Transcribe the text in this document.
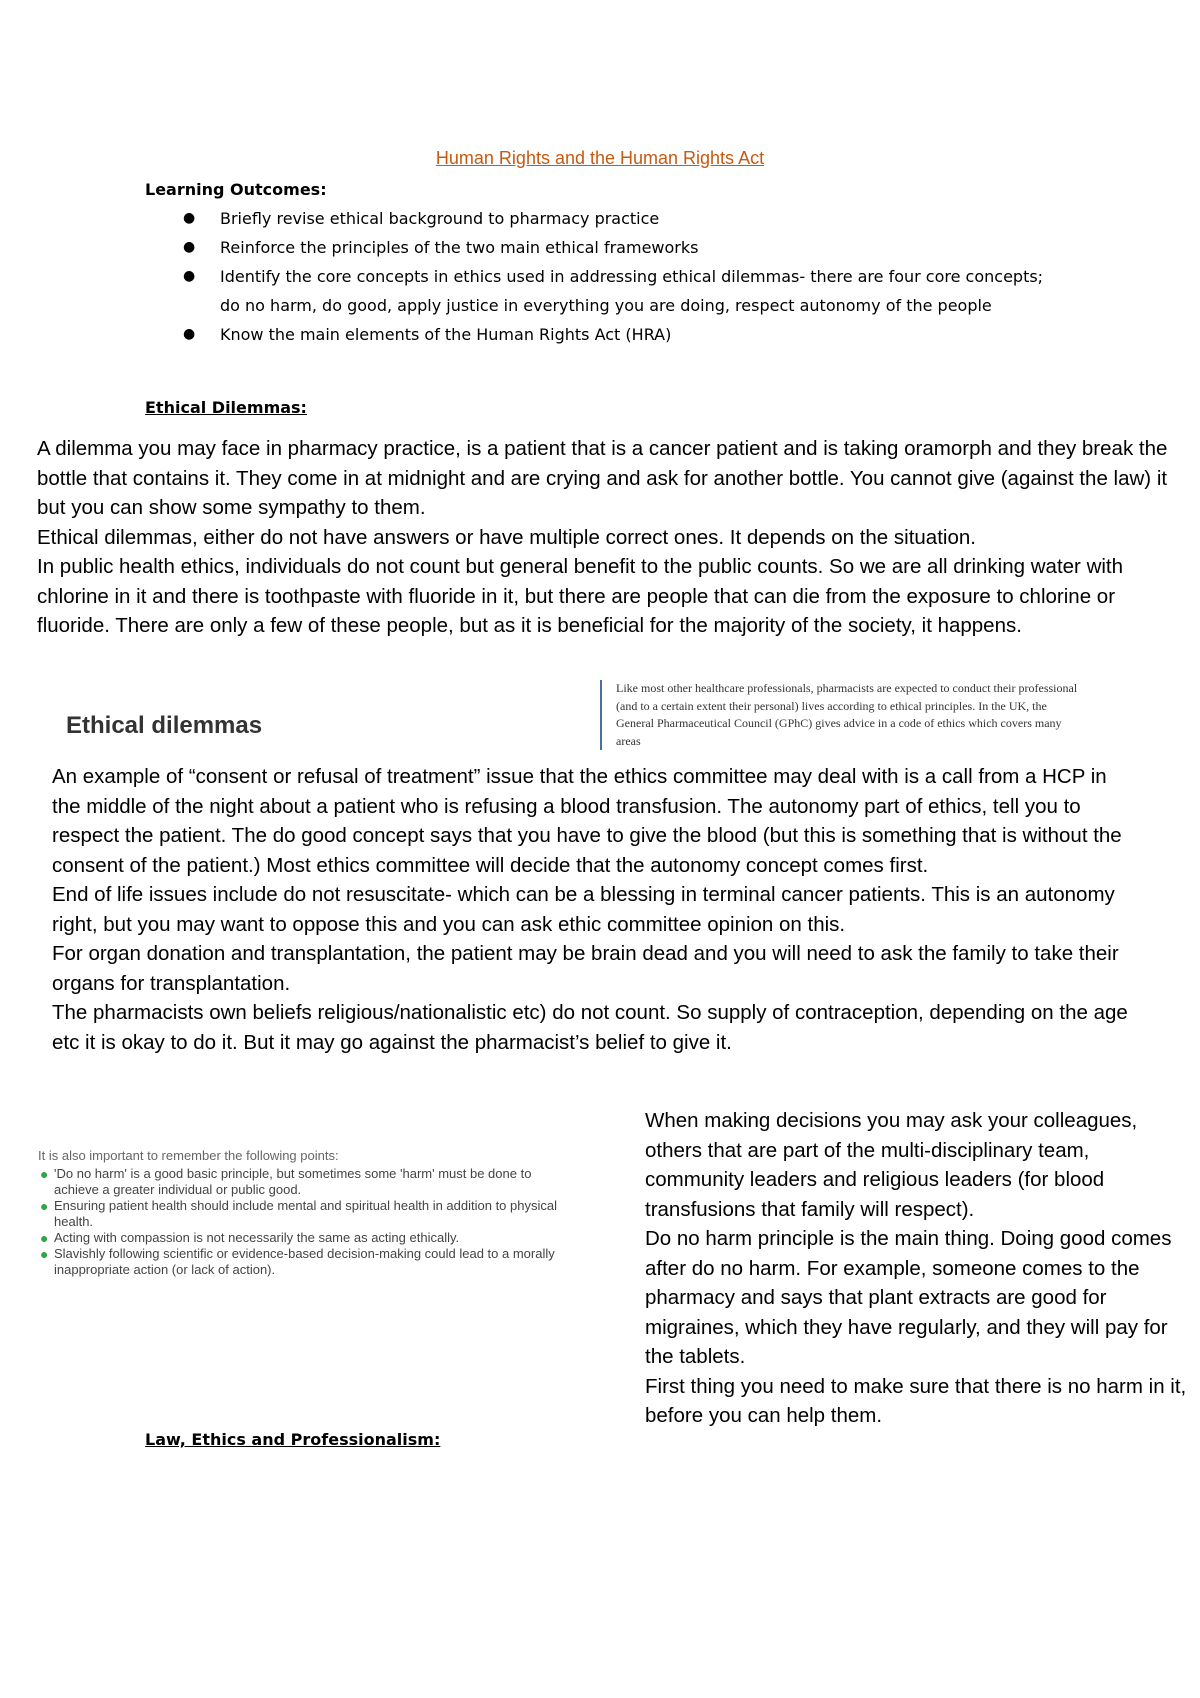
Human Rights and the Human Rights Act
Learning Outcomes:
● Briefly revise ethical background to pharmacy practice
● Reinforce the principles of the two main ethical frameworks
● Identify the core concepts in ethics used in addressing ethical dilemmas- there are four core concepts; do no harm, do good, apply justice in everything you are doing, respect autonomy of the people
● Know the main elements of the Human Rights Act (HRA)
Ethical Dilemmas:

A dilemma you may face in pharmacy practice, is a patient that is a cancer patient and is taking oramorph and they break the bottle that contains it. They come in at midnight and are crying and ask for another bottle. You cannot give (against the law) it but you can show some sympathy to them.

Ethical dilemmas, either do not have answers or have multiple correct ones. It depends on the situation.

In public health ethics, individuals do not count but general benefit to the public counts. So we are all drinking water with chlorine in it and there is toothpaste with fluoride in it, but there are people that can die from the exposure to chlorine or fluoride. There are only a few of these people, but as it is beneficial for the majority of the society, it happens.

Ethical dilemmas
Like most other healthcare professionals, pharmacists are expected to conduct their professional (and to a certain extent their personal) lives according to ethical principles. In the UK, the General Pharmaceutical Council (GPhC) gives advice in a code of ethics which covers many areas

An example of “consent or refusal of treatment” issue that the ethics committee may deal with is a call from a HCP in the middle of the night about a patient who is refusing a blood transfusion. The autonomy part of ethics, tell you to respect the patient. The do good concept says that you have to give the blood (but this is something that is without the consent of the patient.) Most ethics committee will decide that the autonomy concept comes first.

End of life issues include do not resuscitate- which can be a blessing in terminal cancer patients. This is an autonomy right, but you may want to oppose this and you can ask ethic committee opinion on this.

For organ donation and transplantation, the patient may be brain dead and you will need to ask the family to take their organs for transplantation.

The pharmacists own beliefs religious/nationalistic etc) do not count. So supply of contraception, depending on the age etc it is okay to do it. But it may go against the pharmacist’s belief to give it.

It is also important to remember the following points:
● 'Do no harm' is a good basic principle, but sometimes some 'harm' must be done to achieve a greater individual or public good.
● Ensuring patient health should include mental and spiritual health in addition to physical health.
● Acting with compassion is not necessarily the same as acting ethically.
● Slavishly following scientific or evidence-based decision-making could lead to a morally inappropriate action (or lack of action).

When making decisions you may ask your colleagues, others that are part of the multi-disciplinary team, community leaders and religious leaders (for blood transfusions that family will respect).

Do no harm principle is the main thing. Doing good comes after do no harm. For example, someone comes to the pharmacy and says that plant extracts are good for migraines, which they have regularly, and they will pay for the tablets.

First thing you need to make sure that there is no harm in it, before you can help them.

Law, Ethics and Professionalism:
